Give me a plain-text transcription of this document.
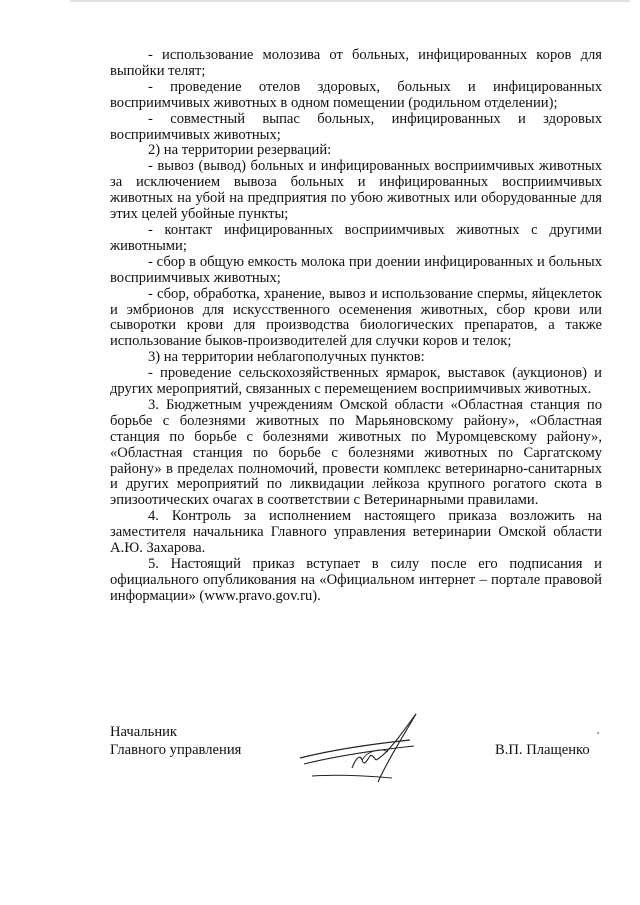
- использование молозива от больных, инфицированных коров для выпойки телят;

- проведение отелов здоровых, больных и инфицированных восприимчивых животных в одном помещении (родильном отделении);

- совместный выпас больных, инфицированных и здоровых восприимчивых животных;

2) на территории резерваций:

- вывоз (вывод) больных и инфицированных восприимчивых животных за исключением вывоза больных и инфицированных восприимчивых животных на убой на предприятия по убою животных или оборудованные для этих целей убойные пункты;

- контакт инфицированных восприимчивых животных с другими животными;

- сбор в общую емкость молока при доении инфицированных и больных восприимчивых животных;

- сбор, обработка, хранение, вывоз и использование спермы, яйцеклеток и эмбрионов для искусственного осеменения животных, сбор крови или сыворотки крови для производства биологических препаратов, а также использование быков-производителей для случки коров и телок;

3) на территории неблагополучных пунктов:

- проведение сельскохозяйственных ярмарок, выставок (аукционов) и других мероприятий, связанных с перемещением восприимчивых животных.

3. Бюджетным учреждениям Омской области «Областная станция по борьбе с болезнями животных по Марьяновскому району», «Областная станция по борьбе с болезнями животных по Муромцевскому району», «Областная станция по борьбе с болезнями животных по Саргатскому району» в пределах полномочий, провести комплекс ветеринарно-санитарных и других мероприятий по ликвидации лейкоза крупного рогатого скота в эпизоотических очагах в соответствии с Ветеринарными правилами.

4. Контроль за исполнением настоящего приказа возложить на заместителя начальника Главного управления ветеринарии Омской области А.Ю. Захарова.

5. Настоящий приказ вступает в силу после его подписания и официального опубликования на «Официальном интернет – портале правовой информации» (www.pravo.gov.ru).

Начальник
Главного управления	В.П. Плащенко
